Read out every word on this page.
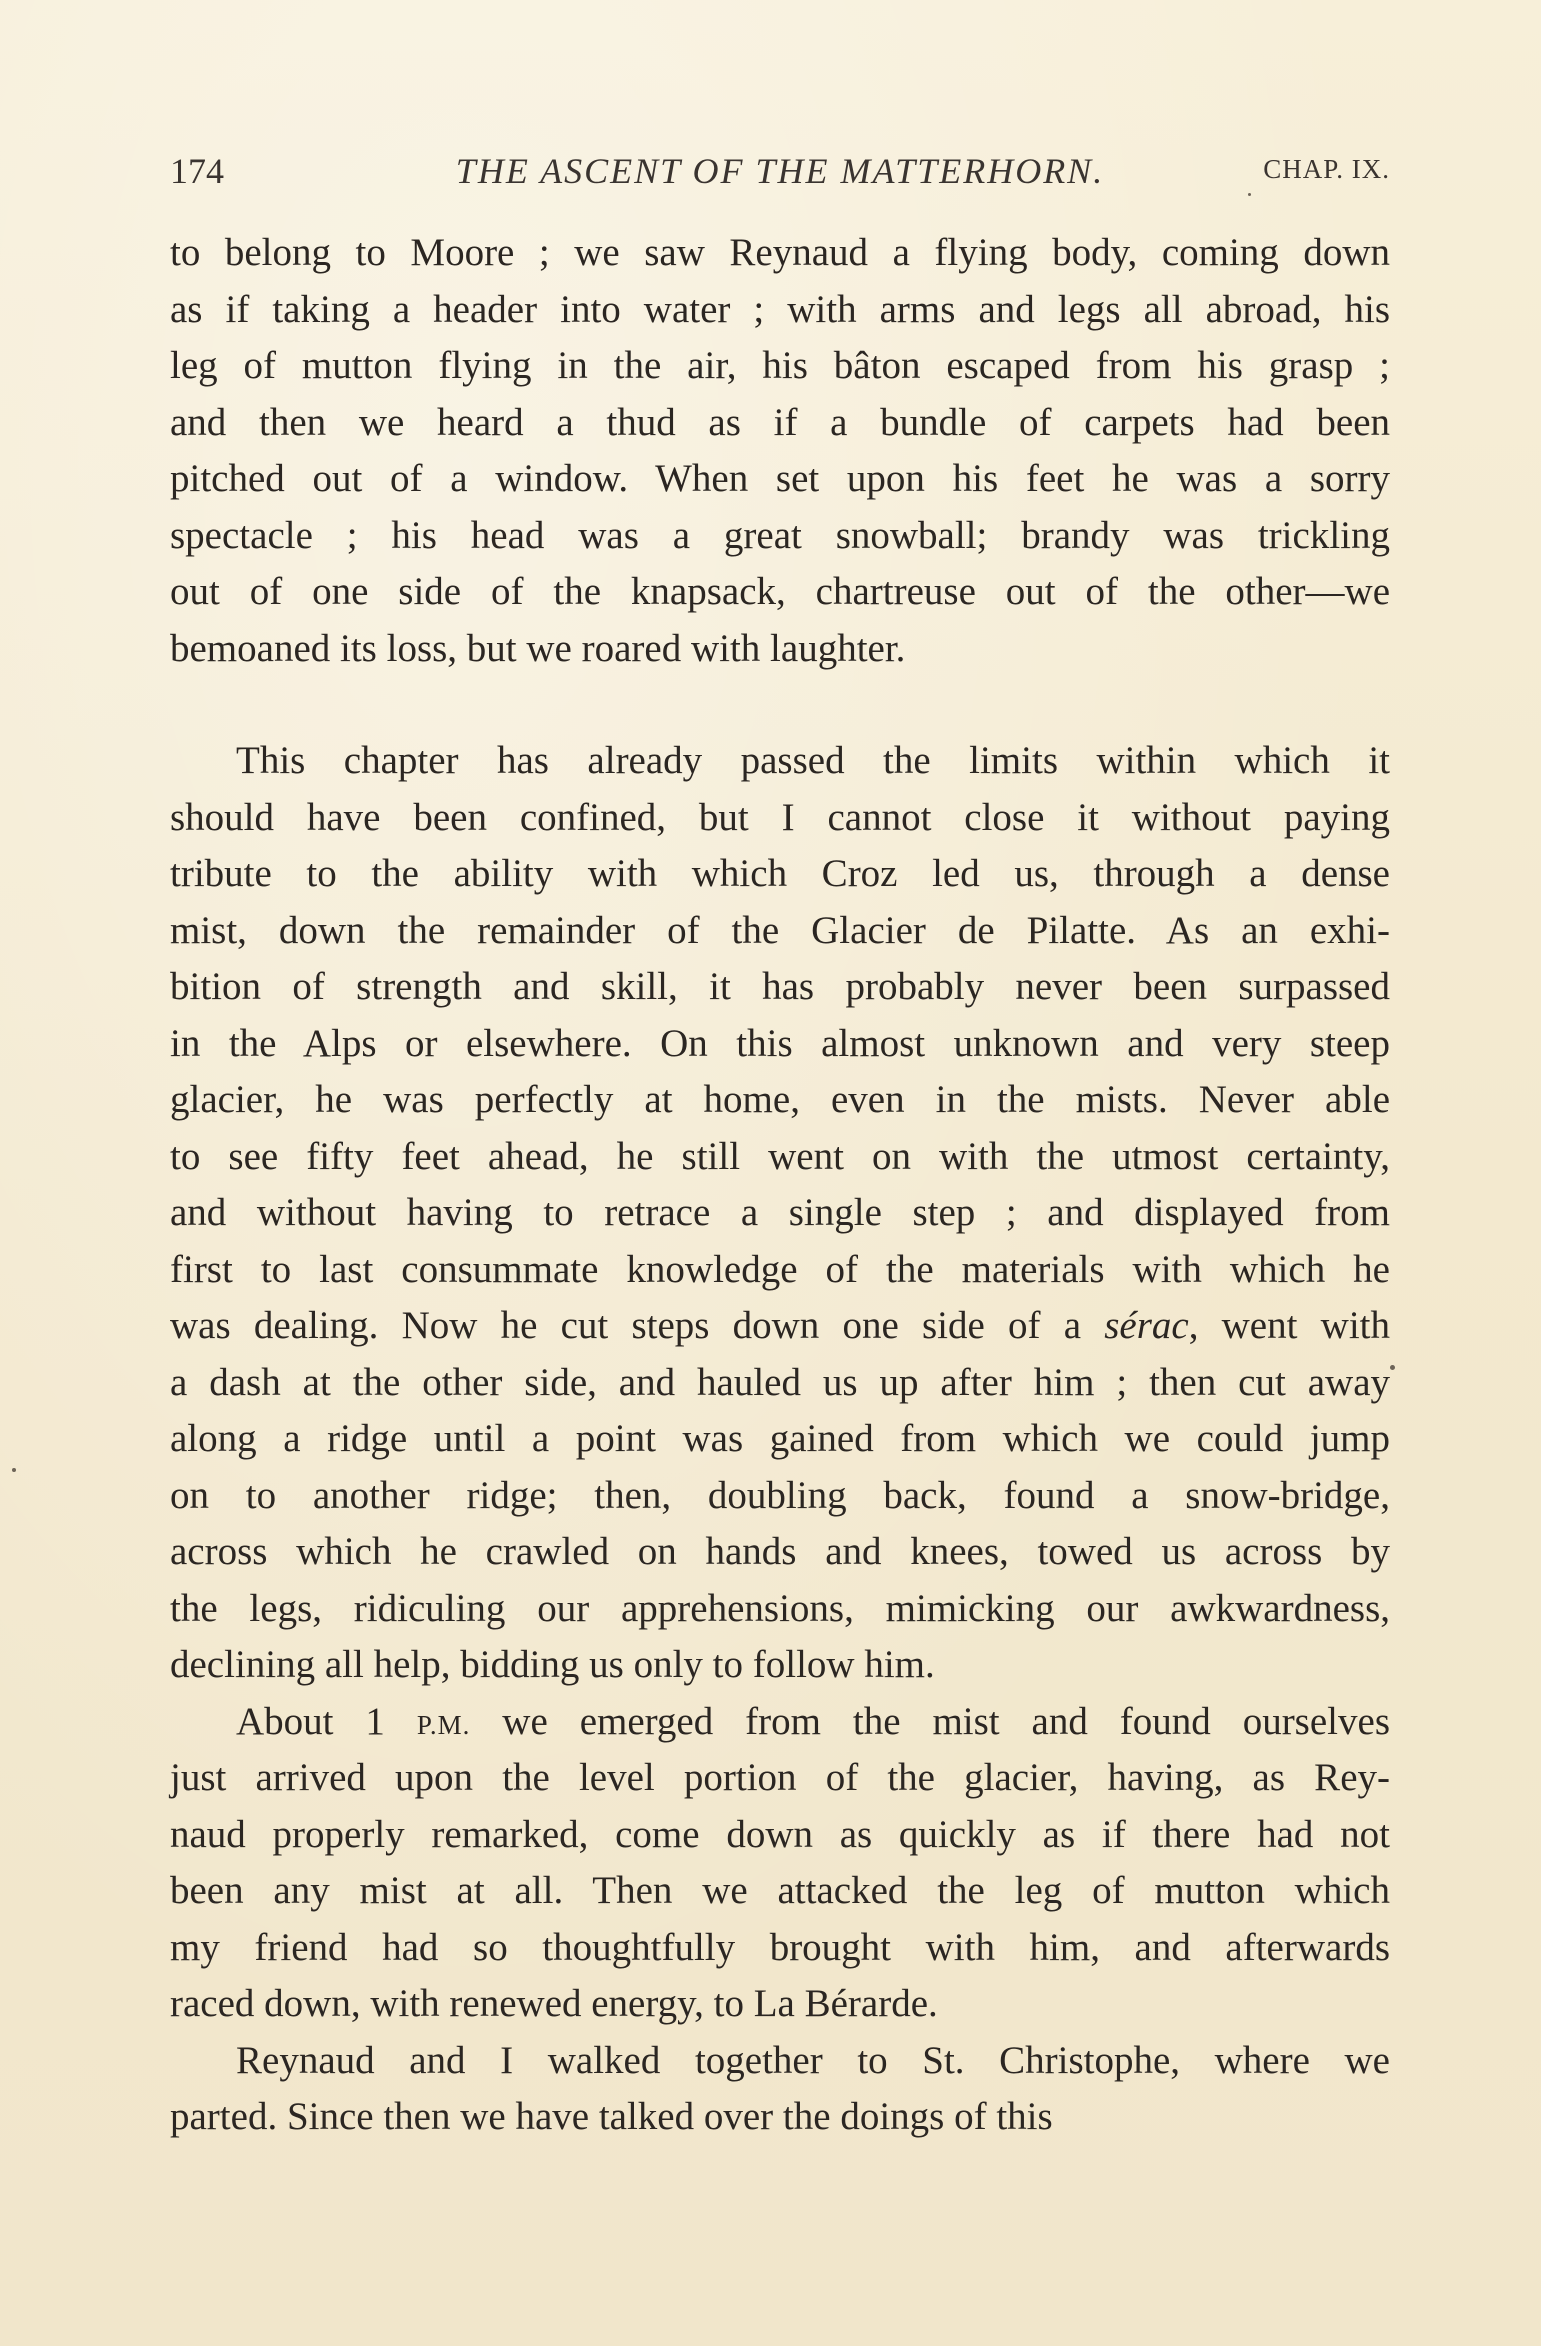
174	THE ASCENT OF THE MATTERHORN.	CHAP. IX.
to belong to Moore ; we saw Reynaud a flying body, coming down
as if taking a header into water ; with arms and legs all abroad, his
leg of mutton flying in the air, his bâton escaped from his grasp ;
and then we heard a thud as if a bundle of carpets had been
pitched out of a window. When set upon his feet he was a sorry
spectacle ; his head was a great snowball; brandy was trickling
out of one side of the knapsack, chartreuse out of the other—we
bemoaned its loss, but we roared with laughter.
This chapter has already passed the limits within which it
should have been confined, but I cannot close it without paying
tribute to the ability with which Croz led us, through a dense
mist, down the remainder of the Glacier de Pilatte. As an exhi-
bition of strength and skill, it has probably never been surpassed
in the Alps or elsewhere. On this almost unknown and very steep
glacier, he was perfectly at home, even in the mists. Never able
to see fifty feet ahead, he still went on with the utmost certainty,
and without having to retrace a single step ; and displayed from
first to last consummate knowledge of the materials with which he
was dealing. Now he cut steps down one side of a sérac, went with
a dash at the other side, and hauled us up after him ; then cut away
along a ridge until a point was gained from which we could jump
on to another ridge; then, doubling back, found a snow-bridge,
across which he crawled on hands and knees, towed us across by
the legs, ridiculing our apprehensions, mimicking our awkwardness,
declining all help, bidding us only to follow him.
About 1 P.M. we emerged from the mist and found ourselves
just arrived upon the level portion of the glacier, having, as Rey-
naud properly remarked, come down as quickly as if there had not
been any mist at all. Then we attacked the leg of mutton which
my friend had so thoughtfully brought with him, and afterwards
raced down, with renewed energy, to La Bérarde.
Reynaud and I walked together to St. Christophe, where we
parted. Since then we have talked over the doings of this
